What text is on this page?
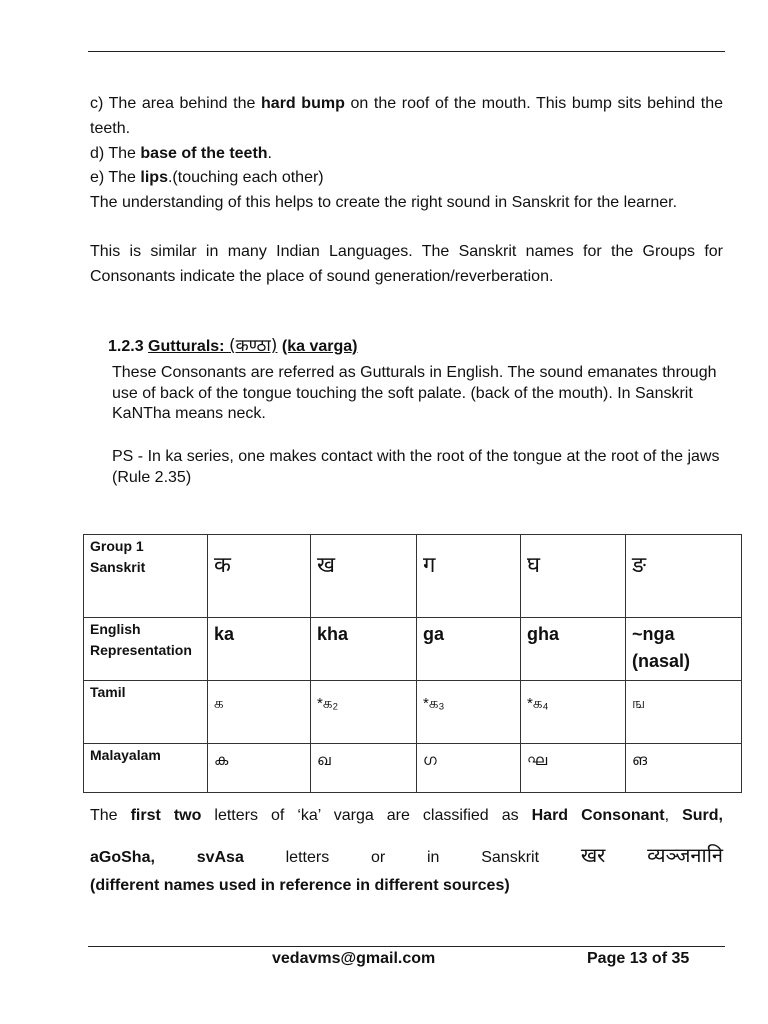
c) The area behind the hard bump on the roof of the mouth. This bump sits behind the teeth.

d) The base of the teeth.

e) The lips.(touching each other)

The understanding of this helps to create the right sound in Sanskrit for the learner.

This is similar in many Indian Languages. The Sanskrit names for the Groups for Consonants indicate the place of sound generation/reverberation.

1.2.3 Gutturals: (कण्ठा) (ka varga)
These Consonants are referred as Gutturals in English. The sound emanates through use of back of the tongue touching the soft palate. (back of the mouth). In Sanskrit KaNTha means neck.
PS - In ka series, one makes contact with the root of the tongue at the root of the jaws (Rule 2.35)
Group 1 Sanskrit	क	ख	ग	घ	ङ
English Representation	ka	kha	ga	gha	~nga (nasal)
Tamil	க	*க₂	*க₃	*க₄	ங
Malayalam	ക	ഖ	ഗ	ഘ	ങ
The first two letters of ‘ka’ varga are classified as Hard Consonant, Surd,
aGoSha,	svAsa	letters	or	in	Sanskrit खर व्यञ्जनानि
(different names used in reference in different sources)
vedavms@gmail.com	Page 13 of 35
